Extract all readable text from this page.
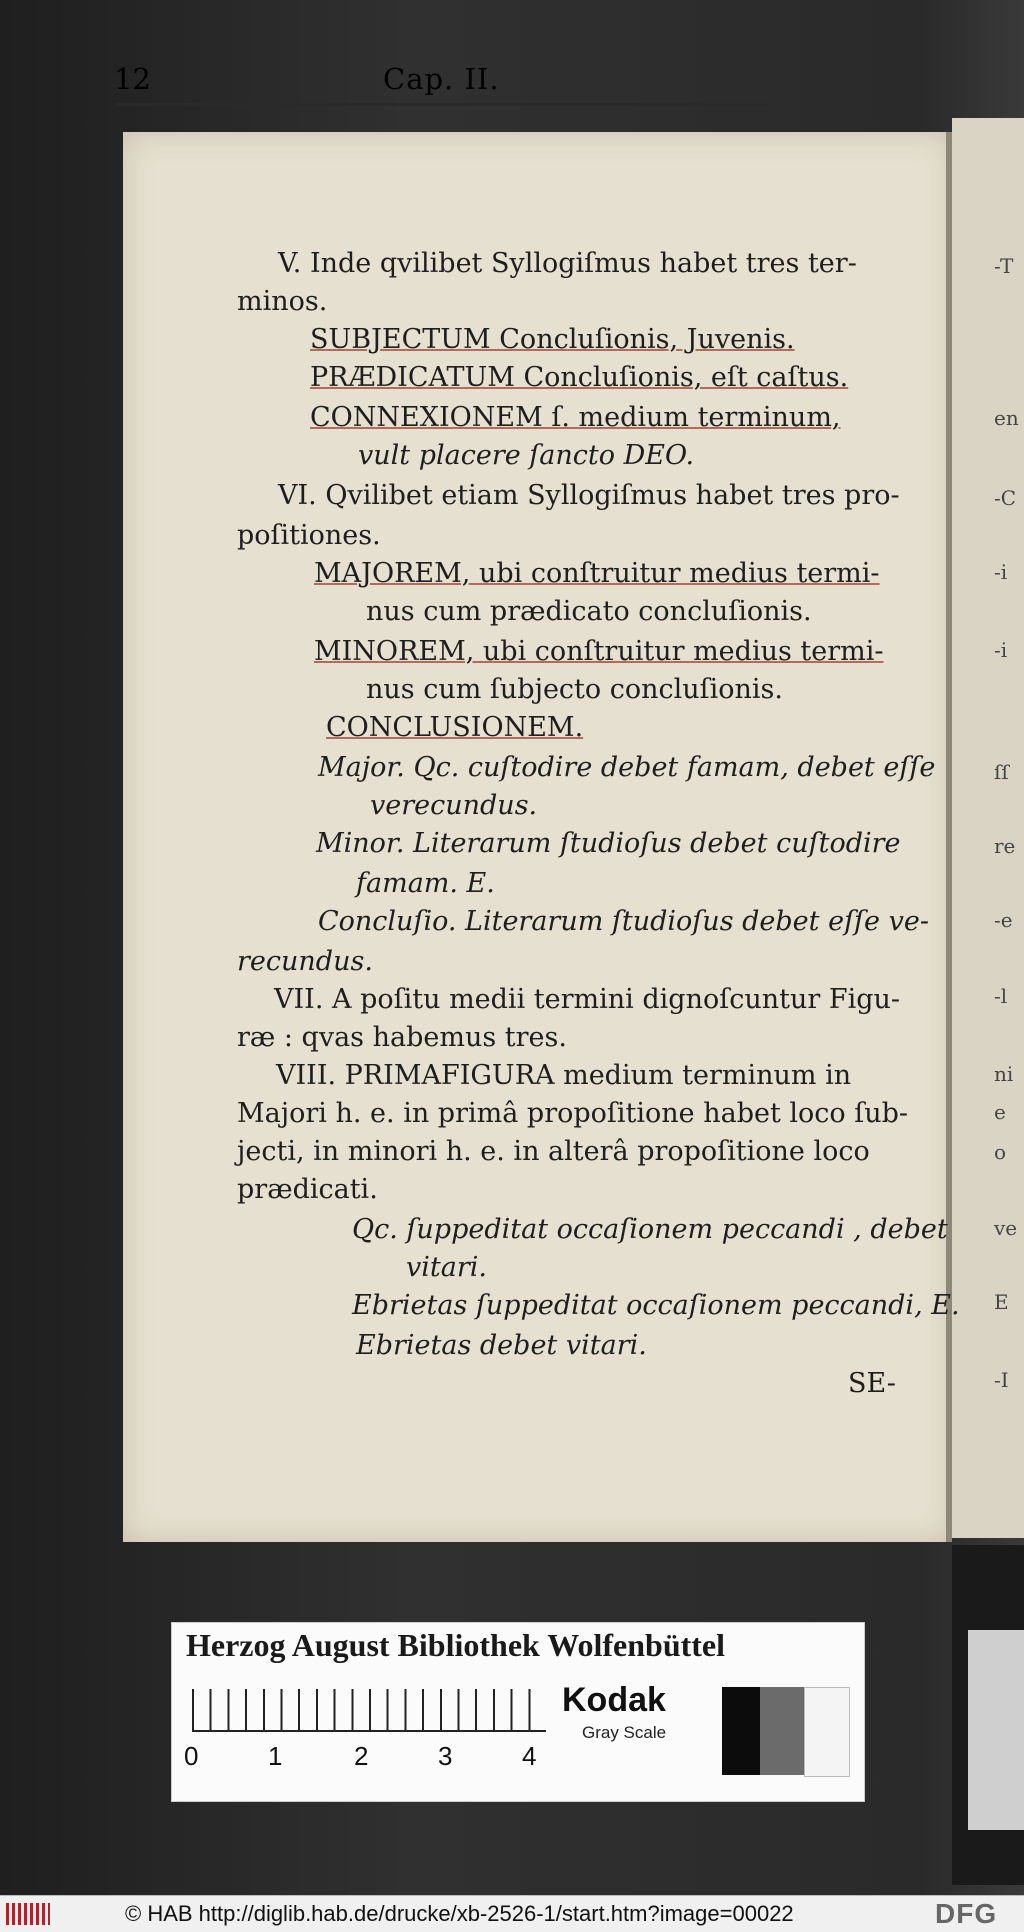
-T
en
-C
-i
-i
ſſ
re
-e
-l
ni
e
o
ve
E
-I
12	Cap. II.
V. Inde qvilibet Syllogiſmus habet tres ter-
minos.
SUBJECTUM Concluſionis, Juvenis.
PRÆDICATUM Concluſionis, eſt caſtus.
CONNEXIONEM ſ. medium terminum,
vult placere ſancto DEO.
VI. Qvilibet etiam Syllogiſmus habet tres pro-
poſitiones.
MAJOREM, ubi conſtruitur medius termi-
nus cum prædicato concluſionis.
MINOREM, ubi conſtruitur medius termi-
nus cum ſubjecto concluſionis.
CONCLUSIONEM.
Major. Qc. cuſtodire debet famam, debet eſſe
verecundus.
Minor. Literarum ſtudioſus debet cuſtodire
famam. E.
Concluſio. Literarum ſtudioſus debet eſſe ve-
recundus.
VII. A poſitu medii termini dignoſcuntur Figu-
ræ : qvas habemus tres.
VIII. PRIMAFIGURA medium terminum in
Majori h. e. in primâ propoſitione habet loco ſub-
jecti, in minori h. e. in alterâ propoſitione loco
prædicati.
Qc. ſuppeditat occaſionem peccandi , debet
vitari.
Ebrietas ſuppeditat occaſionem peccandi, E.
Ebrietas debet vitari.
SE-
Herzog August Bibliothek Wolfenbüttel
0	1	2	3	4
Kodak
Gray Scale
© HAB http://diglib.hab.de/drucke/xb-2526-1/start.htm?image=00022	DFG
